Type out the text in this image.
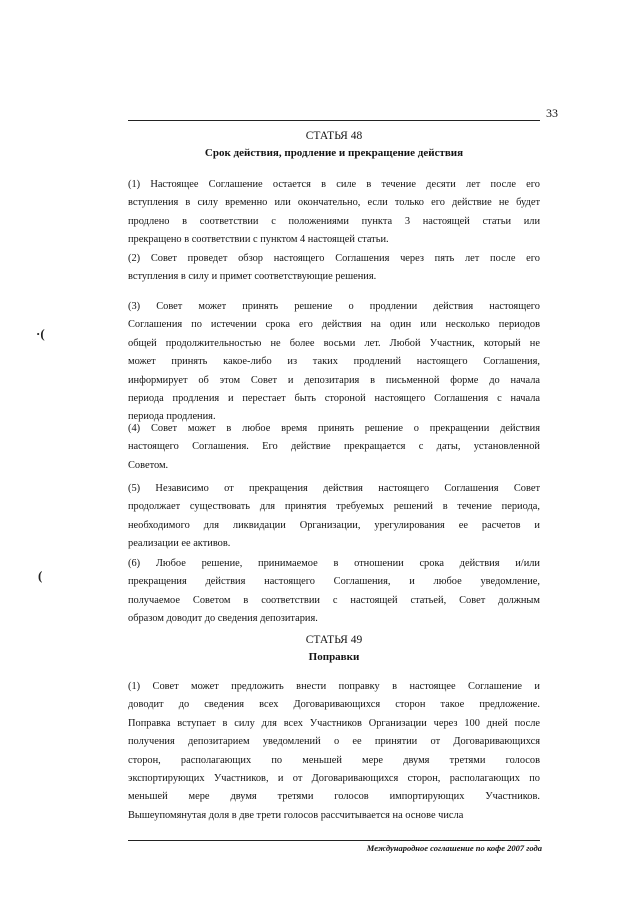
33
СТАТЬЯ 48
Срок действия, продление и прекращение действия
(1) Настоящее Соглашение остается в силе в течение десяти лет после его
вступления в силу временно или окончательно, если только его действие не будет
продлено в соответствии с положениями пункта 3 настоящей статьи или
прекращено в соответствии с пунктом 4 настоящей статьи.
(2) Совет проведет обзор настоящего Соглашения через пять лет после его
вступления в силу и примет соответствующие решения.
(3) Совет может принять решение о продлении действия настоящего
Соглашения по истечении срока его действия на один или несколько периодов
общей продолжительностью не более восьми лет. Любой Участник, который не
может принять какое-либо из таких продлений настоящего Соглашения,
информирует об этом Совет и депозитария в письменной форме до начала
периода продления и перестает быть стороной настоящего Соглашения с начала
периода продления.
(4) Совет может в любое время принять решение о прекращении действия
настоящего Соглашения. Его действие прекращается с даты, установленной
Советом.
(5) Независимо от прекращения действия настоящего Соглашения Совет
продолжает существовать для принятия требуемых решений в течение периода,
необходимого для ликвидации Организации, урегулирования ее расчетов и
реализации ее активов.
(6) Любое решение, принимаемое в отношении срока действия и/или
прекращения действия настоящего Соглашения, и любое уведомление,
получаемое Советом в соответствии с настоящей статьей, Совет должным
образом доводит до сведения депозитария.
СТАТЬЯ 49
Поправки
(1) Совет может предложить внести поправку в настоящее Соглашение и
доводит до сведения всех Договаривающихся сторон такое предложение.
Поправка вступает в силу для всех Участников Организации через 100 дней после
получения депозитарием уведомлений о ее принятии от Договаривающихся
сторон, располагающих по меньшей мере двумя третями голосов
экспортирующих Участников, и от Договаривающихся сторон, располагающих по
меньшей мере двумя третями голосов импортирующих Участников.
Вышеупомянутая доля в две трети голосов рассчитывается на основе числа
Международное соглашение по кофе 2007 года
·(
(
